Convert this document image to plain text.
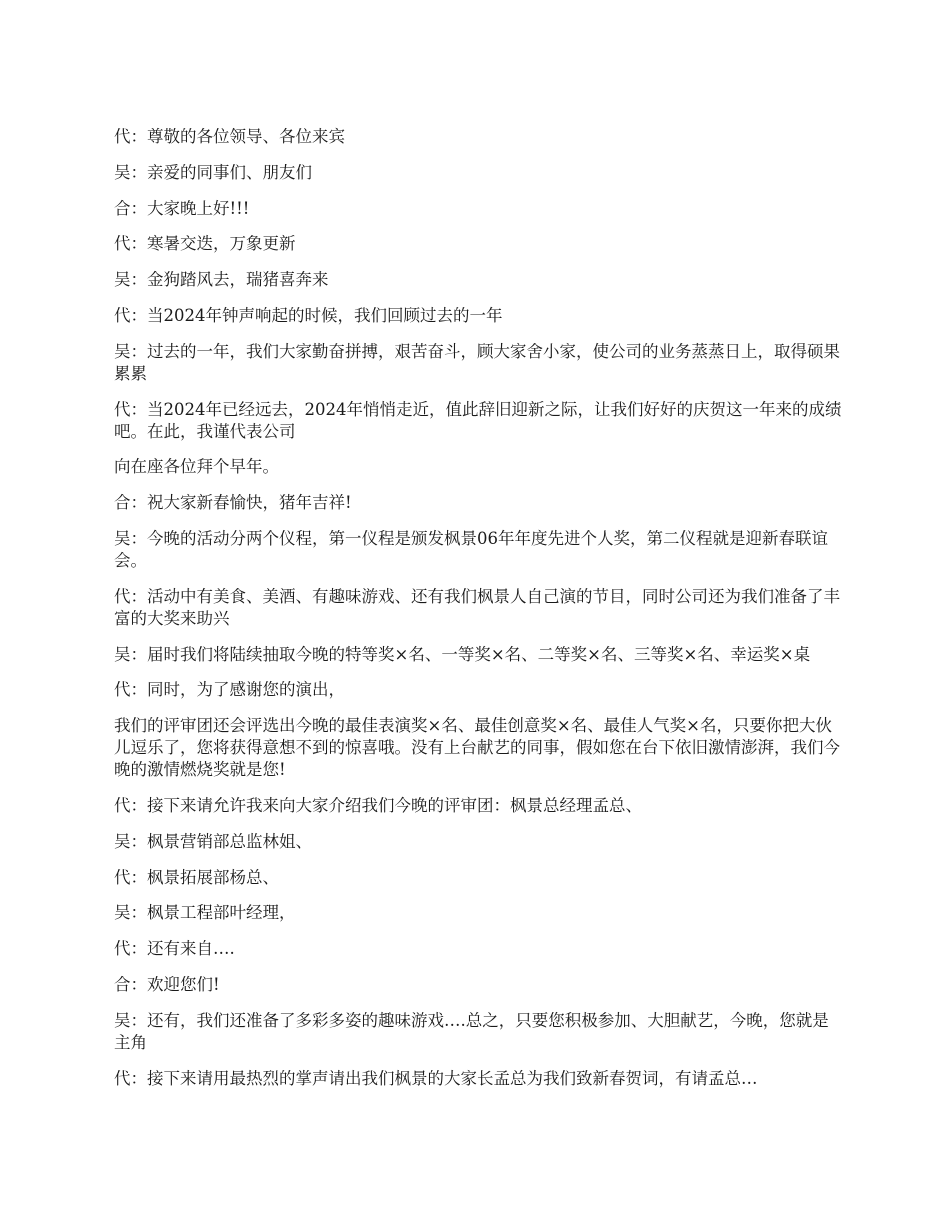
代：尊敬的各位领导、各位来宾

吴：亲爱的同事们、朋友们

合：大家晚上好!!!

代：寒暑交迭，万象更新

吴：金狗踏风去，瑞猪喜奔来

代：当2024年钟声响起的时候，我们回顾过去的一年

吴：过去的一年，我们大家勤奋拼搏，艰苦奋斗，顾大家舍小家，使公司的业务蒸蒸日上，取得硕果累累

代：当2024年已经远去，2024年悄悄走近，值此辞旧迎新之际，让我们好好的庆贺这一年来的成绩吧。在此，我谨代表公司

向在座各位拜个早年。

合：祝大家新春愉快，猪年吉祥!

吴：今晚的活动分两个仪程，第一仪程是颁发枫景06年年度先进个人奖，第二仪程就是迎新春联谊会。

代：活动中有美食、美酒、有趣味游戏、还有我们枫景人自己演的节目，同时公司还为我们准备了丰富的大奖来助兴

吴：届时我们将陆续抽取今晚的特等奖×名、一等奖×名、二等奖×名、三等奖×名、幸运奖×桌

代：同时，为了感谢您的演出，

我们的评审团还会评选出今晚的最佳表演奖×名、最佳创意奖×名、最佳人气奖×名，只要你把大伙儿逗乐了，您将获得意想不到的惊喜哦。没有上台献艺的同事，假如您在台下依旧激情澎湃，我们今晚的激情燃烧奖就是您!

代：接下来请允许我来向大家介绍我们今晚的评审团：枫景总经理孟总、

吴：枫景营销部总监林姐、

代：枫景拓展部杨总、

吴：枫景工程部叶经理，

代：还有来自….

合：欢迎您们!

吴：还有，我们还准备了多彩多姿的趣味游戏….总之，只要您积极参加、大胆献艺，今晚，您就是主角

代：接下来请用最热烈的掌声请出我们枫景的大家长孟总为我们致新春贺词，有请孟总…
